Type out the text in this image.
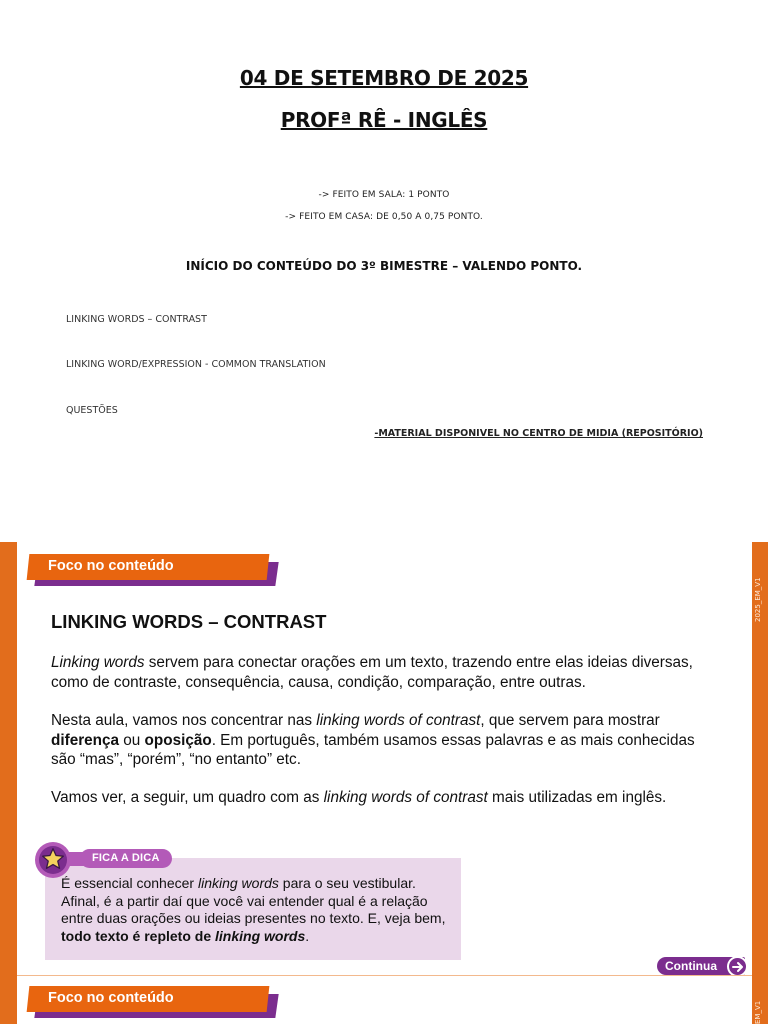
04 DE SETEMBRO DE 2025
PROFª RÊ - INGLÊS
-> FEITO EM SALA: 1 PONTO
-> FEITO EM CASA: DE 0,50 A 0,75 PONTO.
INÍCIO DO CONTEÚDO DO 3º BIMESTRE – VALENDO PONTO.
LINKING WORDS – CONTRAST
LINKING WORD/EXPRESSION - COMMON TRANSLATION
QUESTÕES
-MATERIAL DISPONIVEL NO CENTRO DE MIDIA (REPOSITÓRIO)
2025_EM_V1
EM_V1
Foco no conteúdo
LINKING WORDS – CONTRAST
Linking words servem para conectar orações em um texto, trazendo entre elas ideias diversas, como de contraste, consequência, causa, condição, comparação, entre outras.
Nesta aula, vamos nos concentrar nas linking words of contrast, que servem para mostrar diferença ou oposição. Em português, também usamos essas palavras e as mais conhecidas são “mas”, “porém”, “no entanto” etc.
Vamos ver, a seguir, um quadro com as linking words of contrast mais utilizadas em inglês.
FICA A DICA
É essencial conhecer linking words para o seu vestibular. Afinal, é a partir daí que você vai entender qual é a relação entre duas orações ou ideias presentes no texto. E, veja bem, todo texto é repleto de linking words.
Continua
Foco no conteúdo
